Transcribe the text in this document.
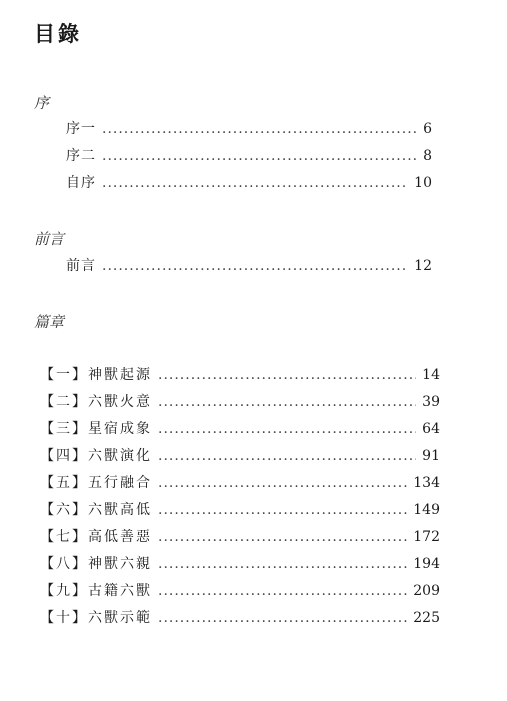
目錄
序
序一 .....	6
序二 .....	8
自序 .....	10
前言
前言 .....	12
篇章
【一】神獸起源 .....	14
【二】六獸火意 .....	39
【三】星宿成象 .....	64
【四】六獸演化 .....	91
【五】五行融合 .....	134
【六】六獸高低 .....	149
【七】高低善惡 .....	172
【八】神獸六親 .....	194
【九】古籍六獸 .....	209
【十】六獸示範 .....	225
